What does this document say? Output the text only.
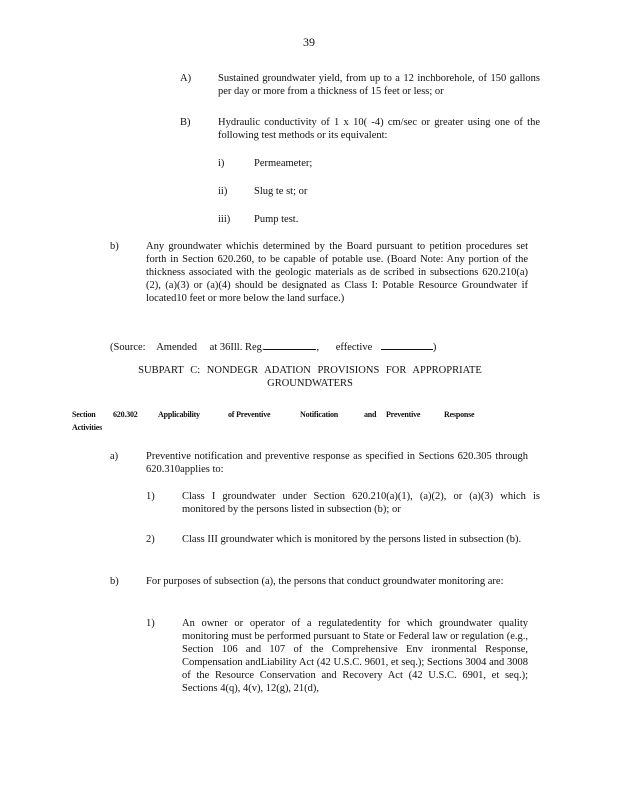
39
A)	Sustained groundwater yield, from up to a 12 inchborehole, of 150 gallons per day or more from a thickness of 15 feet or less; or
B)	Hydraulic conductivity of 1 x 10( -4) cm/sec or greater using one of the following test methods or its equivalent:
i)	Permeameter;
ii)	Slug te st; or
iii)	Pump test.
b)	Any groundwater whichis determined by the Board pursuant to petition procedures set forth in Section 620.260, to be capable of potable use. (Board Note: Any portion of the thickness associated with the geologic materials as de scribed in subsections 620.210(a)(2), (a)(3) or (a)(4) should be designated as Class I: Potable Resource Groundwater if located10 feet or more below the land surface.)
(Source: Amended at 36Ill. Reg.	, effective	)
SUBPART C: NONDEGR ADATION PROVISIONS FOR APPROPRIATE
GROUNDWATERS
Section 620.302	Applicability	of Preventive	Notification	and Preventive	Response
Activities
a)	Preventive notification and preventive response as specified in Sections 620.305 through 620.310applies to:
1)	Class I groundwater under Section 620.210(a)(1), (a)(2), or (a)(3) which is monitored by the persons listed in subsection (b); or
2)	Class III groundwater which is monitored by the persons listed in subsection (b).
b)	For purposes of subsection (a), the persons that conduct groundwater monitoring are:
1)	An owner or operator of a regulatedentity for which groundwater quality monitoring must be performed pursuant to State or Federal law or regulation (e.g., Section 106 and 107 of the Comprehensive Env ironmental Response, Compensation andLiability Act (42 U.S.C. 9601, et seq.); Sections 3004 and 3008 of the Resource Conservation and Recovery Act (42 U.S.C. 6901, et seq.); Sections 4(q), 4(v), 12(g), 21(d),
